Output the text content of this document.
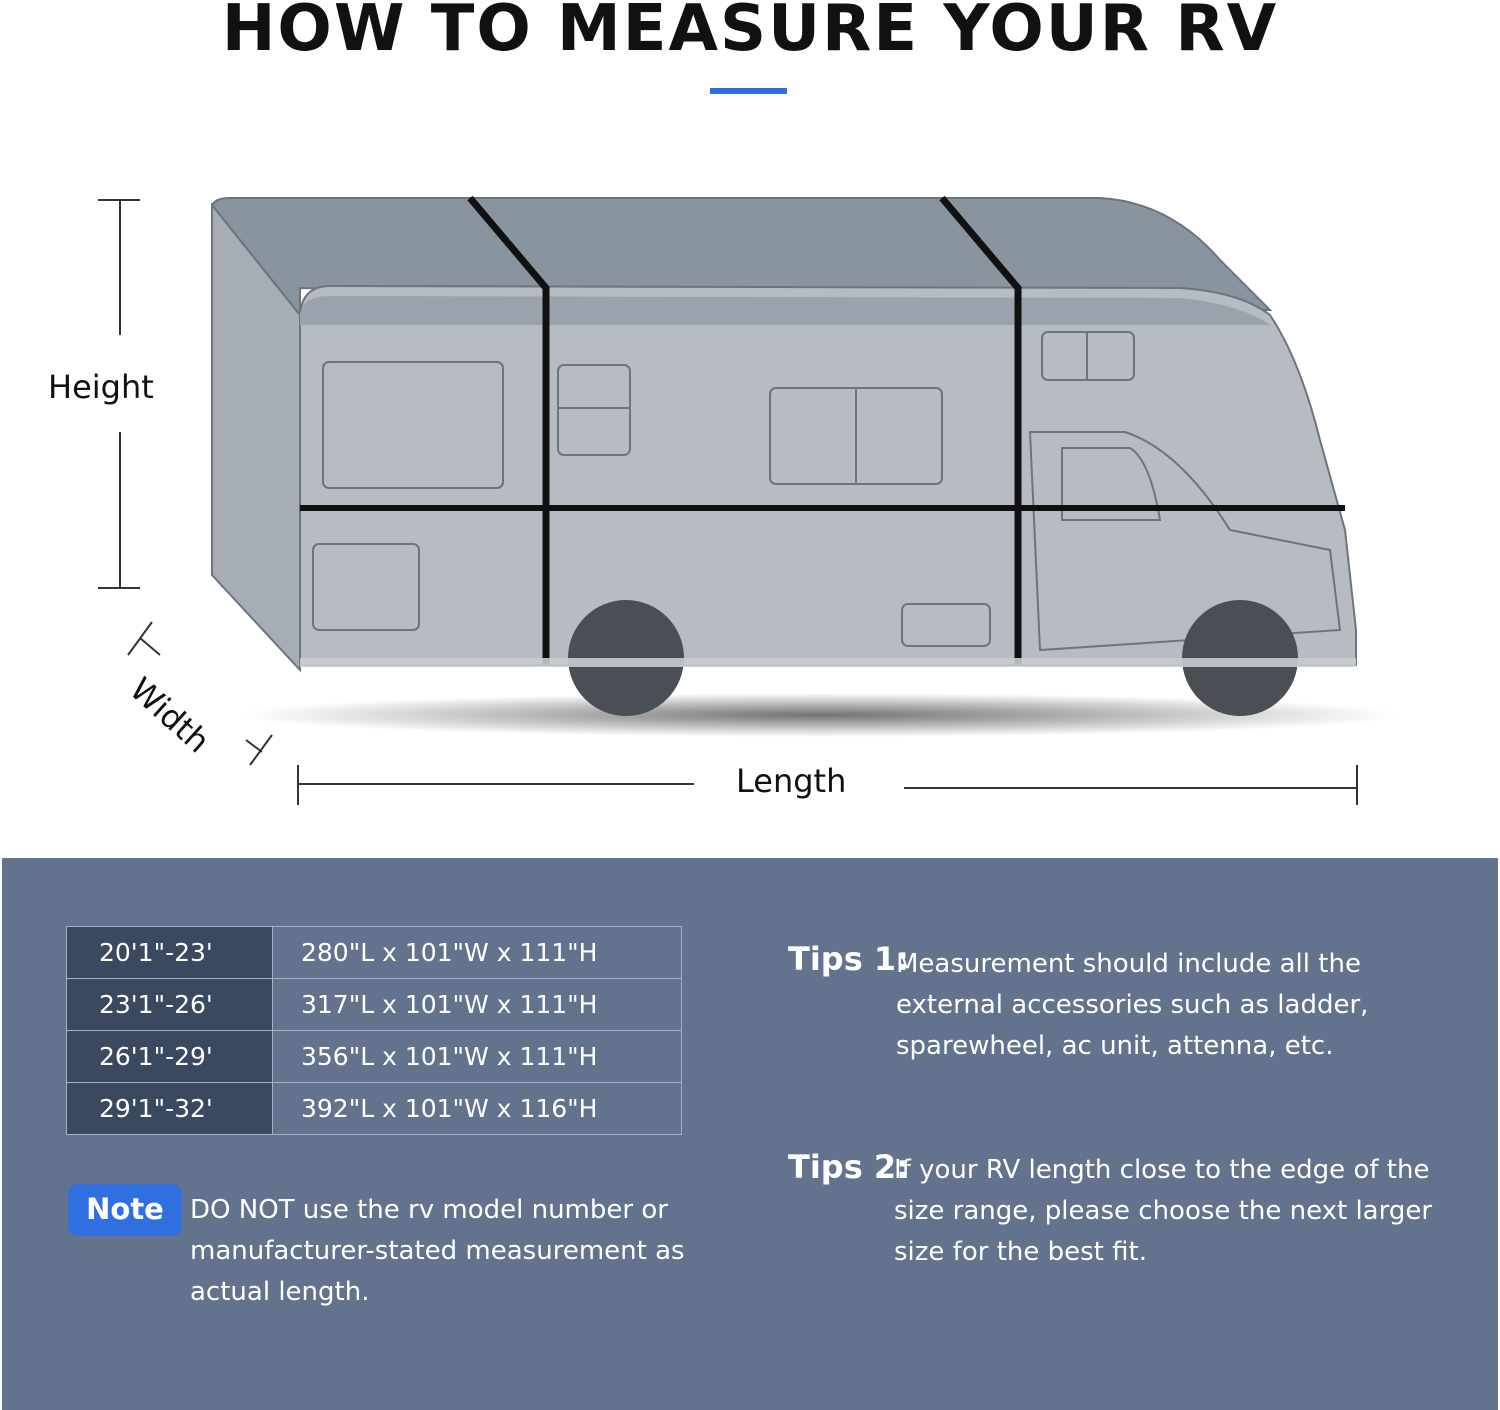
HOW TO MEASURE YOUR RV
Height
Width
Length
20'1"-23'	280"L x 101"W x 111"H
23'1"-26'	317"L x 101"W x 111"H
26'1"-29'	356"L x 101"W x 111"H
29'1"-32'	392"L x 101"W x 116"H
Note	DO NOT use the rv model number or manufacturer-stated measurement as actual length.
Tips 1:
Measurement should include all the external accessories such as ladder, sparewheel, ac unit, attenna, etc.
Tips 2:
If your RV length close to the edge of the size range, please choose the next larger size for the best fit.
